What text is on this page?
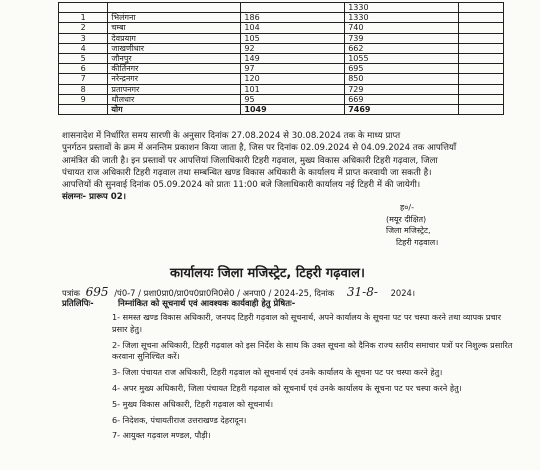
			1330	
1	भिलंगना	186	1330	
2	चम्बा	104	740	
3	देवप्रयाग	105	739	
4	जाखणीधार	92	662	
5	जौनपुर	149	1055	
6	कीर्तिनगर	97	695	
7	नरेन्द्रनगर	120	850	
8	प्रतापनगर	101	729	
9	थौलधार	95	669	
	योग	1049	7469	

शासनादेश में निर्धारित समय सारणी के अनुसार दिनांक 27.08.2024 से 30.08.2024 तक के माध्य प्राप्त

पुनर्गठन प्रस्तावों के क्रम में अनन्तिम प्रकाशन किया जाता है, जिस पर दिनांक 02.09.2024 से 04.09.2024 तक आपत्तियाँ

आमंत्रित की जाती है। इन प्रस्तावों पर आपत्तियां जिलाधिकारी टिहरी गढ़वाल, मुख्य विकास अधिकारी टिहरी गढ़वाल, जिला

पंचायत राज अधिकारी टिहरी गढ़वाल तथा सम्बन्धित खण्ड विकास अधिकारी के कार्यालय में प्राप्त करवायी जा सकती है।

आपत्तियों की सुनवाई दिनांक 05.09.2024 को प्रातः 11:00 बजे जिलाधिकारी कार्यालय नई टिहरी में की जायेगी।

संलग्नः- प्रारूप 02।

ह०/-
(मयूर दीक्षित)
जिला मजिस्ट्रेट,
टिहरी गढ़वाल।
कार्यालयः जिला मजिस्ट्रेट, टिहरी गढ़वाल।
पत्रांक 695 /पं0-7 / प्रशा0प्रा0/प्रा0प0प्रा0नि0से0 / अनपा0 / 2024-25, दिनांक 31-8- 2024।
प्रतिलिपिः-	निम्नांकित को सूचनार्थ एवं आवश्यक कार्यवाही हेतु प्रेषितः-
1- समस्त खण्ड विकास अधिकारी, जनपद टिहरी गढ़वाल को सूचनार्थ, अपने कार्यालय के सूचना पट पर चस्पा करने तथा व्यापक प्रचार प्रसार हेतु।
2- जिला सूचना अधिकारी, टिहरी गढ़वाल को इस निर्देश के साथ कि उक्त सूचना को दैनिक राज्य स्तरीय समाचार पत्रों पर निशुल्क प्रसारित करवाना सुनिश्चित करें।
3- जिला पंचायत राज अधिकारी, टिहरी गढ़वाल को सूचनार्थ एवं उनके कार्यालय के सूचना पट पर चस्पा करने हेतु।
4- अपर मुख्य अधिकारी, जिला पंचायत टिहरी गढ़वाल को सूचनार्थ एवं उनके कार्यालय के सूचना पट पर चस्पा करने हेतु।
5- मुख्य विकास अधिकारी, टिहरी गढ़वाल को सूचनार्थ।
6- निदेशक, पंचायतीराज उत्तराखण्ड देहरादून।
7- आयुक्त गढ़वाल मण्डल, पौड़ी।
